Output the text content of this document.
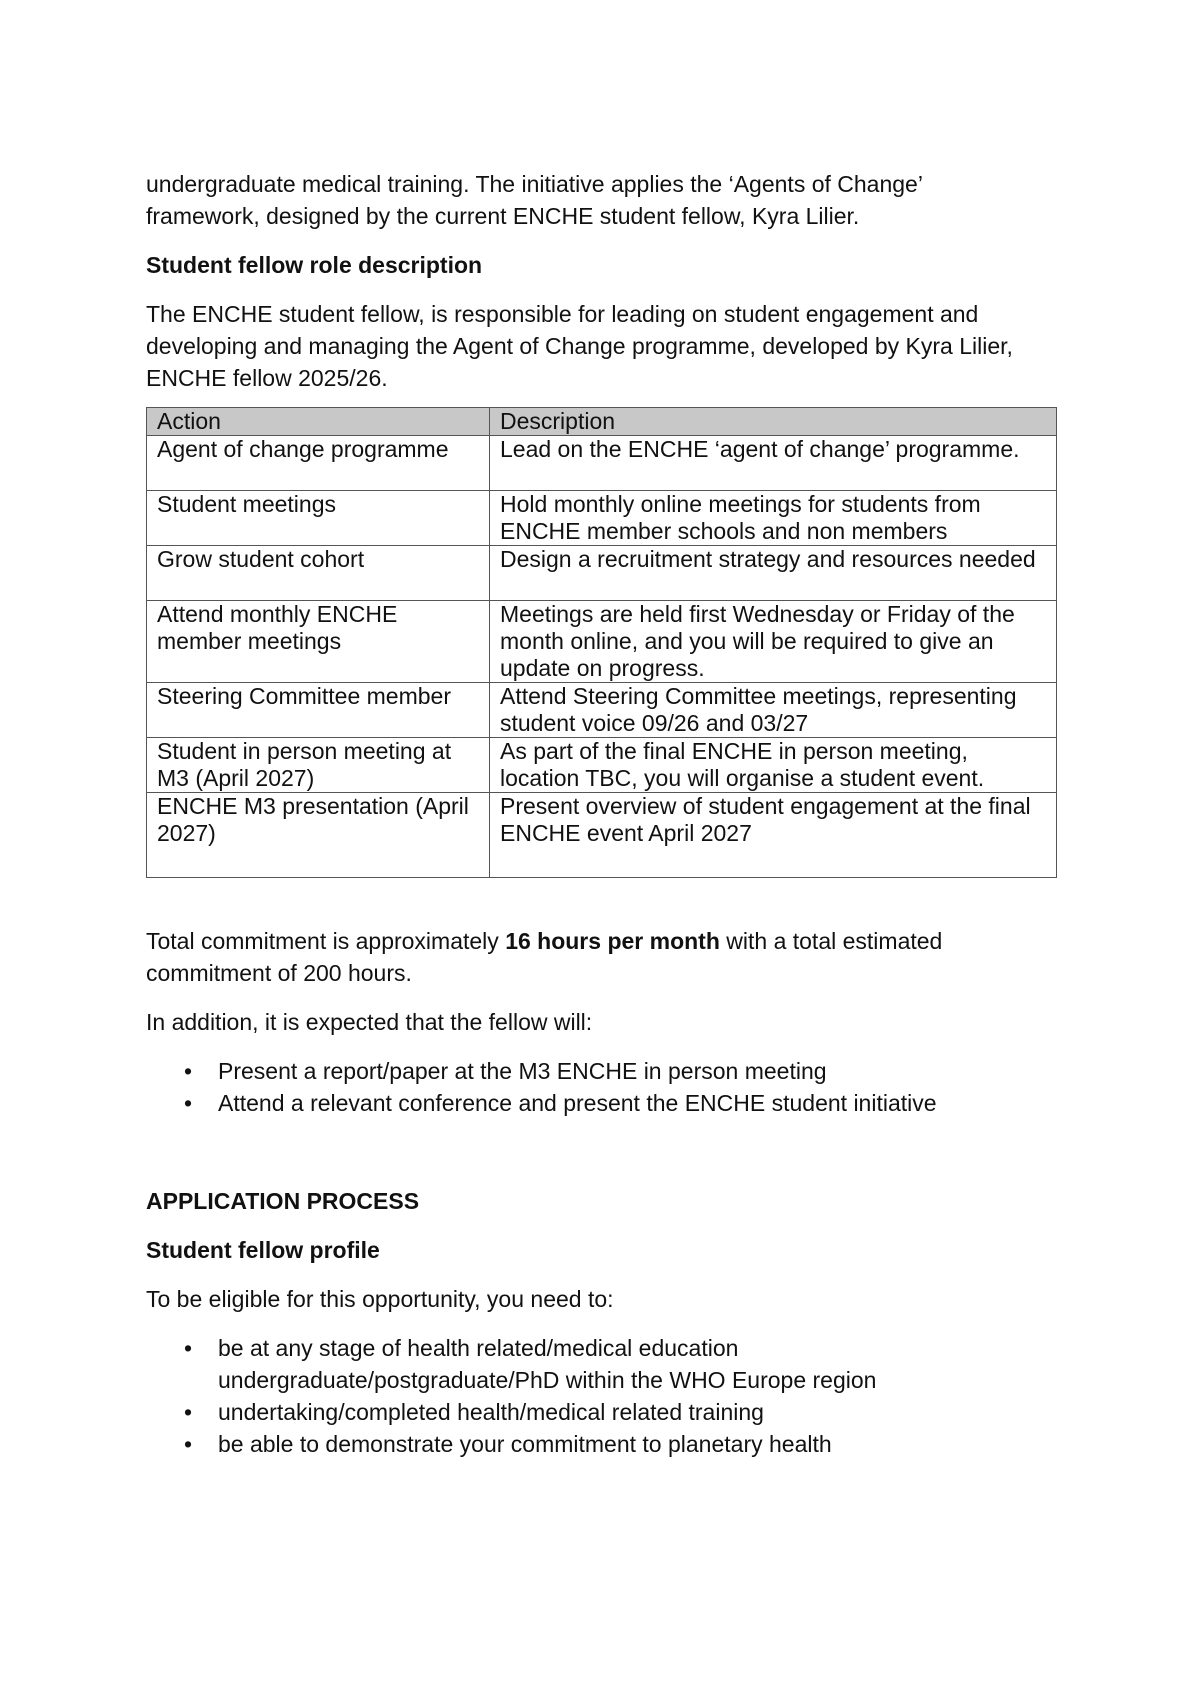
undergraduate medical training. The initiative applies the ‘Agents of Change’
framework, designed by the current ENCHE student fellow, Kyra Lilier.

Student fellow role description

The ENCHE student fellow, is responsible for leading on student engagement and developing and managing the Agent of Change programme, developed by Kyra Lilier, ENCHE fellow 2025/26.

Action	Description
Agent of change programme	Lead on the ENCHE ‘agent of change’ programme.
Student meetings	Hold monthly online meetings for students from ENCHE member schools and non members
Grow student cohort	Design a recruitment strategy and resources needed
Attend monthly ENCHE member meetings	Meetings are held first Wednesday or Friday of the month online, and you will be required to give an update on progress.
Steering Committee member	Attend Steering Committee meetings, representing student voice 09/26 and 03/27
Student in person meeting at M3 (April 2027)	As part of the final ENCHE in person meeting, location TBC, you will organise a student event.
ENCHE M3 presentation (April 2027)	Present overview of student engagement at the final ENCHE event April 2027

Total commitment is approximately 16 hours per month with a total estimated commitment of 200 hours.

In addition, it is expected that the fellow will:

• Present a report/paper at the M3 ENCHE in person meeting
• Attend a relevant conference and present the ENCHE student initiative

APPLICATION PROCESS

Student fellow profile

To be eligible for this opportunity, you need to:

• be at any stage of health related/medical education undergraduate/postgraduate/PhD within the WHO Europe region
• undertaking/completed health/medical related training
• be able to demonstrate your commitment to planetary health
